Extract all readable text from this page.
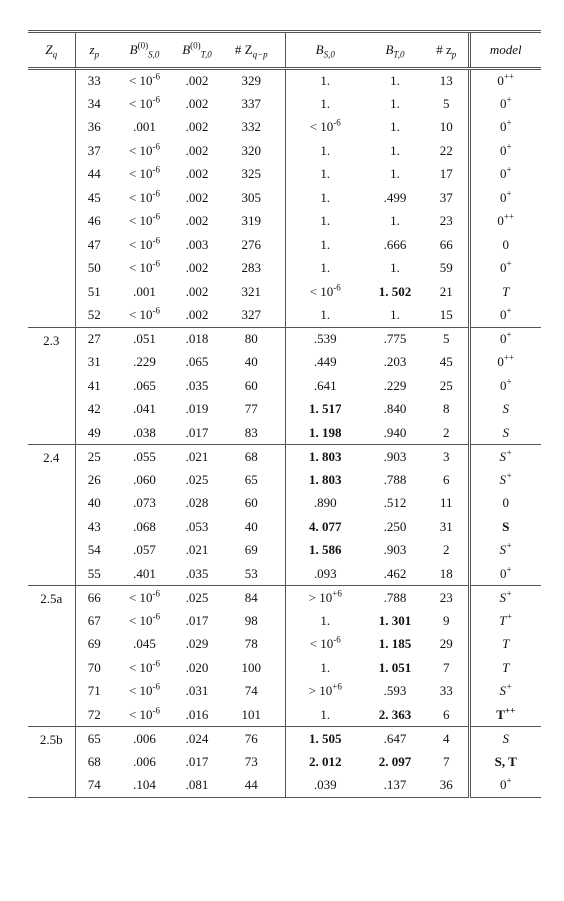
$Z_q$	$z_p$	$B^{(0)}_{S,0}$	$B^{(0)}_{T,0}$	# $Z_{q-p}$	$B_{S,0}$	$B_{T,0}$	# $z_p$	model
	33	< $10^{-6}$	.002	329	1.	1.	13	0++
	34	< $10^{-6}$	.002	337	1.	1.	5	0+
	36	.001	.002	332	< $10^{-6}$	1.	10	0+
	37	< $10^{-6}$	.002	320	1.	1.	22	0+
	44	< $10^{-6}$	.002	325	1.	1.	17	0+
	45	< $10^{-6}$	.002	305	1.	.499	37	0+
	46	< $10^{-6}$	.002	319	1.	1.	23	0++
	47	< $10^{-6}$	.003	276	1.	.666	66	0
	50	< $10^{-6}$	.002	283	1.	1.	59	0+
	51	.001	.002	321	< $10^{-6}$	1. 502	21	T
	52	< $10^{-6}$	.002	327	1.	1.	15	0+
2.3	27	.051	.018	80	.539	.775	5	0+
	31	.229	.065	40	.449	.203	45	0++
	41	.065	.035	60	.641	.229	25	0+
	42	.041	.019	77	1. 517	.840	8	S
	49	.038	.017	83	1. 198	.940	2	S
2.4	25	.055	.021	68	1. 803	.903	3	S+
	26	.060	.025	65	1. 803	.788	6	S+
	40	.073	.028	60	.890	.512	11	0
	43	.068	.053	40	4. 077	.250	31	S
	54	.057	.021	69	1. 586	.903	2	S+
	55	.401	.035	53	.093	.462	18	0+
2.5a	66	< $10^{-6}$	.025	84	> $10^{+6}$	.788	23	S+
	67	< $10^{-6}$	.017	98	1.	1. 301	9	T+
	69	.045	.029	78	< $10^{-6}$	1. 185	29	T
	70	< $10^{-6}$	.020	100	1.	1. 051	7	T
	71	< $10^{-6}$	.031	74	> $10^{+6}$	.593	33	S+
	72	< $10^{-6}$	.016	101	1.	2. 363	6	T++
2.5b	65	.006	.024	76	1. 505	.647	4	S
	68	.006	.017	73	2. 012	2. 097	7	S, T
	74	.104	.081	44	.039	.137	36	0+
